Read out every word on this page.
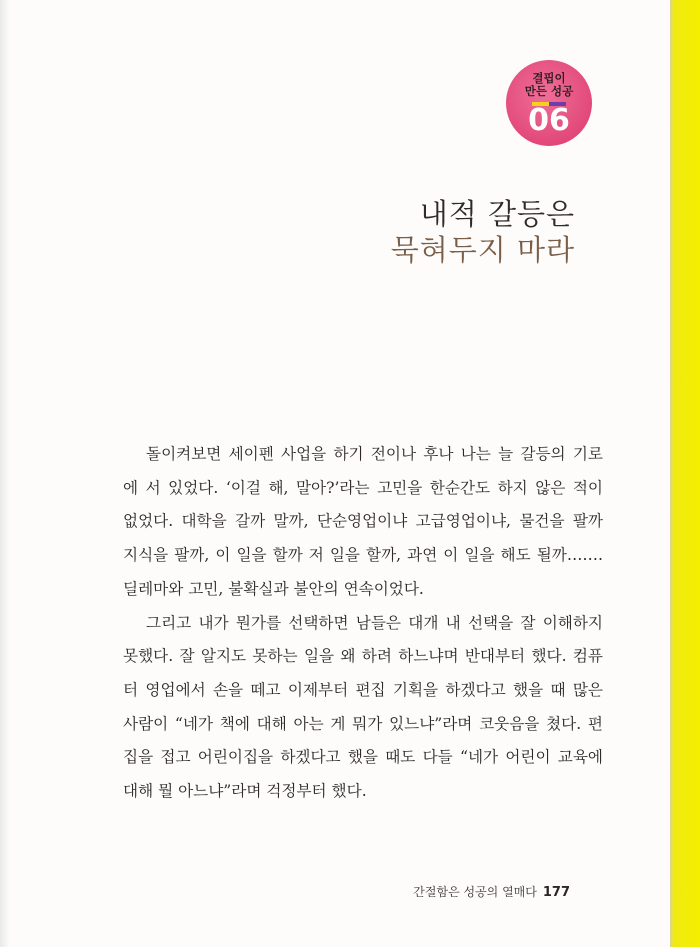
결핍이
만든 성공
06
내적 갈등은
묵혀두지 마라
돌이켜보면 세이펜 사업을 하기 전이나 후나 나는 늘 갈등의 기로
에 서 있었다. ‘이걸 해, 말아?’라는 고민을 한순간도 하지 않은 적이
없었다. 대학을 갈까 말까, 단순영업이냐 고급영업이냐, 물건을 팔까
지식을 팔까, 이 일을 할까 저 일을 할까, 과연 이 일을 해도 될까…….
딜레마와 고민, 불확실과 불안의 연속이었다.
그리고 내가 뭔가를 선택하면 남들은 대개 내 선택을 잘 이해하지
못했다. 잘 알지도 못하는 일을 왜 하려 하느냐며 반대부터 했다. 컴퓨
터 영업에서 손을 떼고 이제부터 편집 기획을 하겠다고 했을 때 많은
사람이 “네가 책에 대해 아는 게 뭐가 있느냐”라며 코웃음을 쳤다. 편
집을 접고 어린이집을 하겠다고 했을 때도 다들 “네가 어린이 교육에
대해 뭘 아느냐”라며 걱정부터 했다.
간절함은 성공의 열매다 177
